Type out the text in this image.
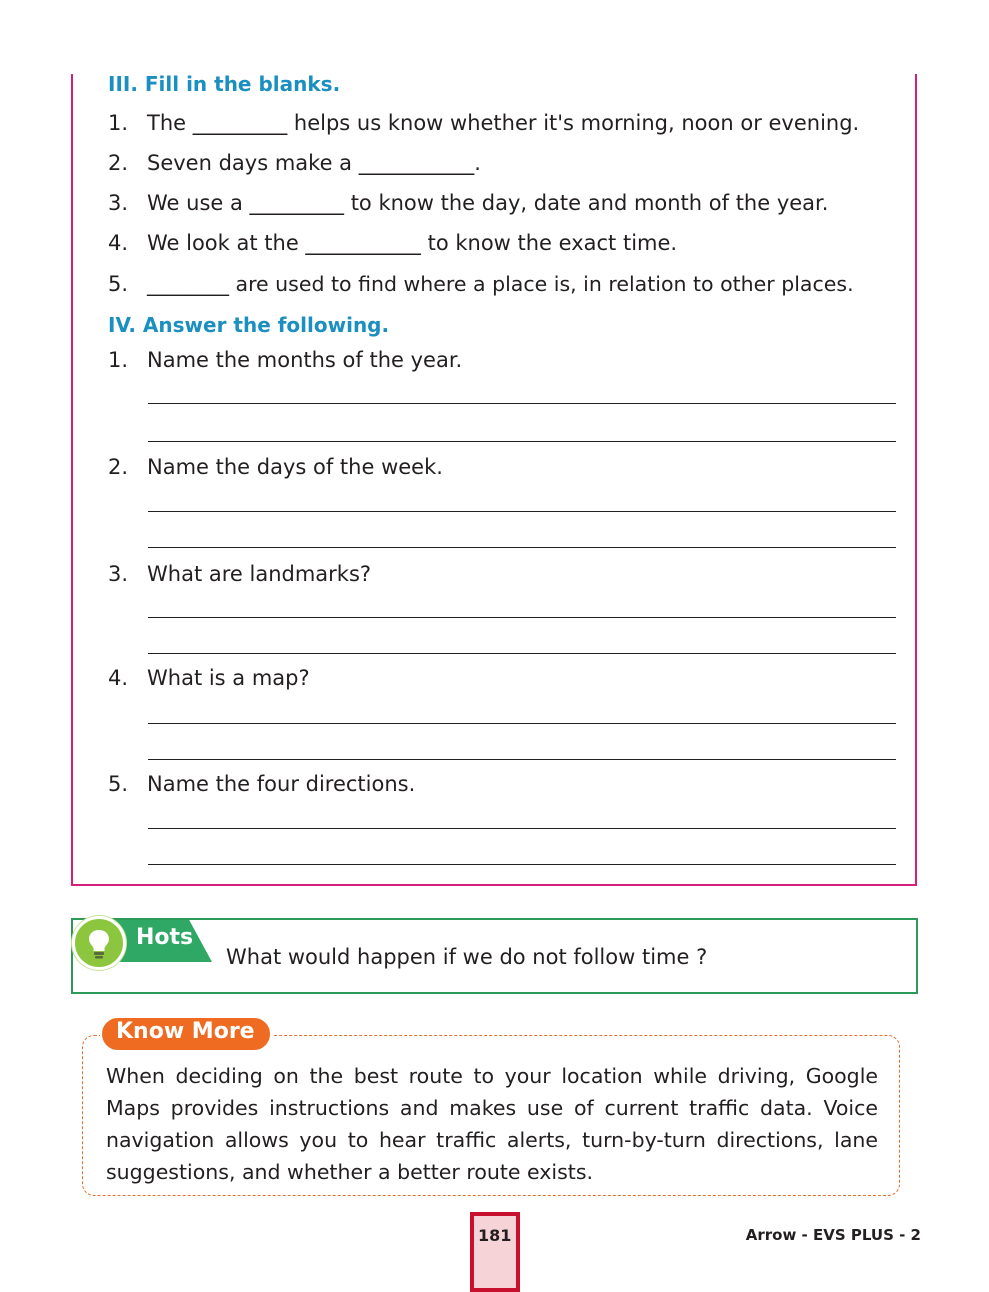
III. Fill in the blanks.
1. The _________ helps us know whether it's morning, noon or evening.
2. Seven days make a ___________.
3. We use a _________ to know the day, date and month of the year.
4. We look at the ___________ to know the exact time.
5. ________ are used to find where a place is, in relation to other places.
IV. Answer the following.
1. Name the months of the year.
2. Name the days of the week.
3. What are landmarks?
4. What is a map?
5. Name the four directions.
Hots
What would happen if we do not follow time ?
Know More
When deciding on the best route to your location while driving, Google Maps provides instructions and makes use of current traffic data. Voice navigation allows you to hear traffic alerts, turn-by-turn directions, lane suggestions, and whether a better route exists.
181	Arrow - EVS PLUS - 2
